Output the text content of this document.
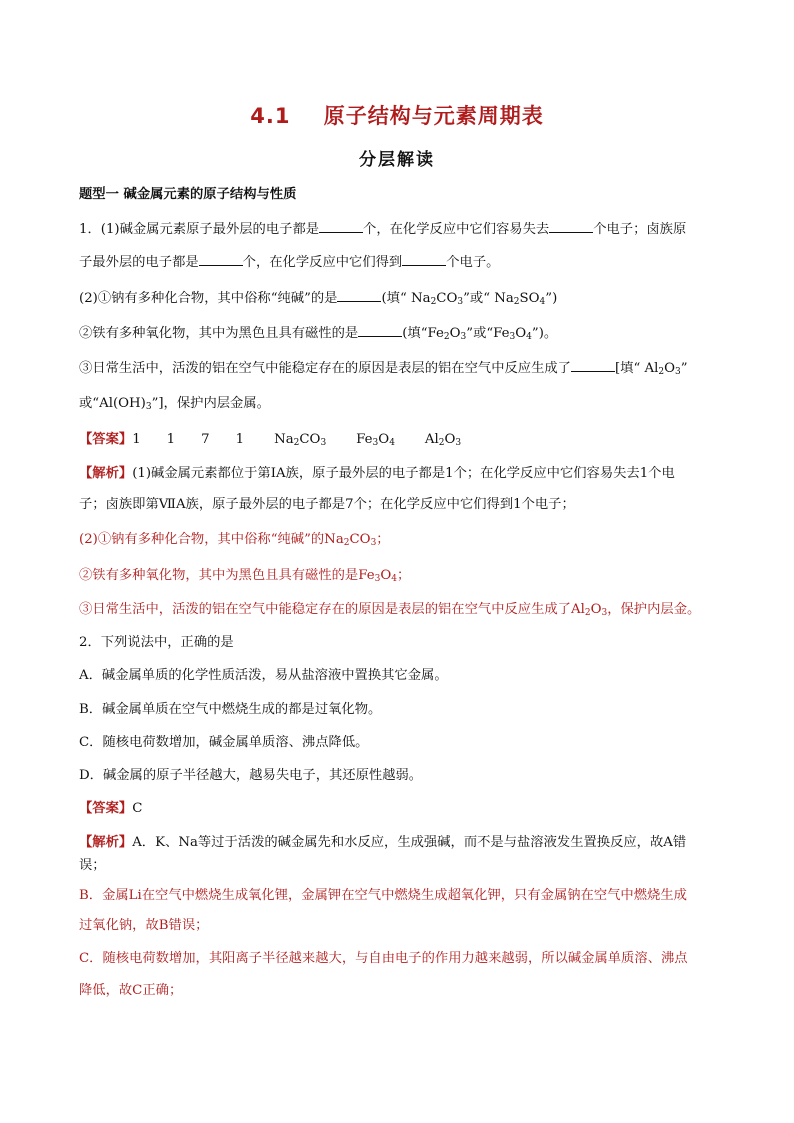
4.1    原子结构与元素周期表
分层解读
题型一 碱金属元素的原子结构与性质
1．(1)碱金属元素原子最外层的电子都是	个，在化学反应中它们容易失去	个电子；卤族原
子最外层的电子都是	个，在化学反应中它们得到	个电子。
(2)①钠有多种化合物，其中俗称“纯碱”的是	(填“ $Na_2CO_3$”或“ $Na_2SO_4$”)
②铁有多种氧化物，其中为黑色且具有磁性的是	(填“$Fe_2O_3$”或“$Fe_3O_4$”)。
③日常生活中，活泼的铝在空气中能稳定存在的原因是表层的铝在空气中反应生成了	[填“ $Al_2O_3$”
或“$Al(OH)_3$”]，保护内层金属。
【答案】1 1 7 1 $Na_2CO_3$ $Fe_3O_4$ $Al_2O_3$
【解析】(1)碱金属元素都位于第ⅠA族，原子最外层的电子都是1个；在化学反应中它们容易失去1个电
子；卤族即第ⅦA族，原子最外层的电子都是7个；在化学反应中它们得到1个电子；
(2)①钠有多种化合物，其中俗称“纯碱”的$Na_2CO_3$；
②铁有多种氧化物，其中为黑色且具有磁性的是$Fe_3O_4$；
③日常生活中，活泼的铝在空气中能稳定存在的原因是表层的铝在空气中反应生成了$Al_2O_3$，保护内层金。
2．下列说法中，正确的是
A．碱金属单质的化学性质活泼，易从盐溶液中置换其它金属。
B．碱金属单质在空气中燃烧生成的都是过氧化物。
C．随核电荷数增加，碱金属单质溶、沸点降低。
D．碱金属的原子半径越大，越易失电子，其还原性越弱。
【答案】C
【解析】A．K、Na等过于活泼的碱金属先和水反应，生成强碱，而不是与盐溶液发生置换反应，故A错
误；
B．金属Li在空气中燃烧生成氧化锂，金属钾在空气中燃烧生成超氧化钾，只有金属钠在空气中燃烧生成
过氧化钠，故B错误；
C．随核电荷数增加，其阳离子半径越来越大，与自由电子的作用力越来越弱，所以碱金属单质溶、沸点
降低，故C正确；
